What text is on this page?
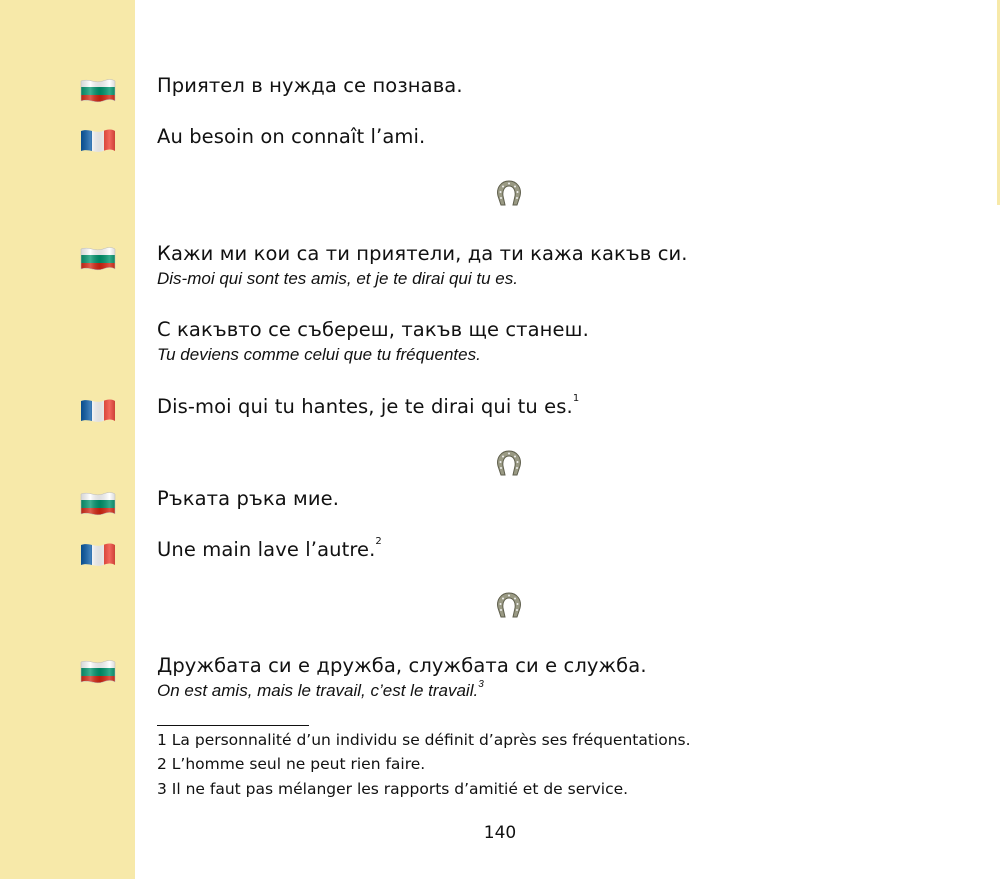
Приятел в нужда се познава.
Au besoin on connaît l’ami.
Кажи ми кои са ти приятели, да ти кажа какъв си.
Dis-moi qui sont tes amis, et je te dirai qui tu es.
С какъвто се събереш, такъв ще станеш.
Tu deviens comme celui que tu fréquentes.
Dis-moi qui tu hantes, je te dirai qui tu es.$^1$
Ръката ръка мие.
Une main lave l’autre.$^2$
Дружбата си е дружба, службата си е служба.
On est amis, mais le travail, c’est le travail.$^3$
1 La personnalité d’un individu se définit d’après ses fréquentations.
2 L’homme seul ne peut rien faire.
3 Il ne faut pas mélanger les rapports d’amitié et de service.
140
